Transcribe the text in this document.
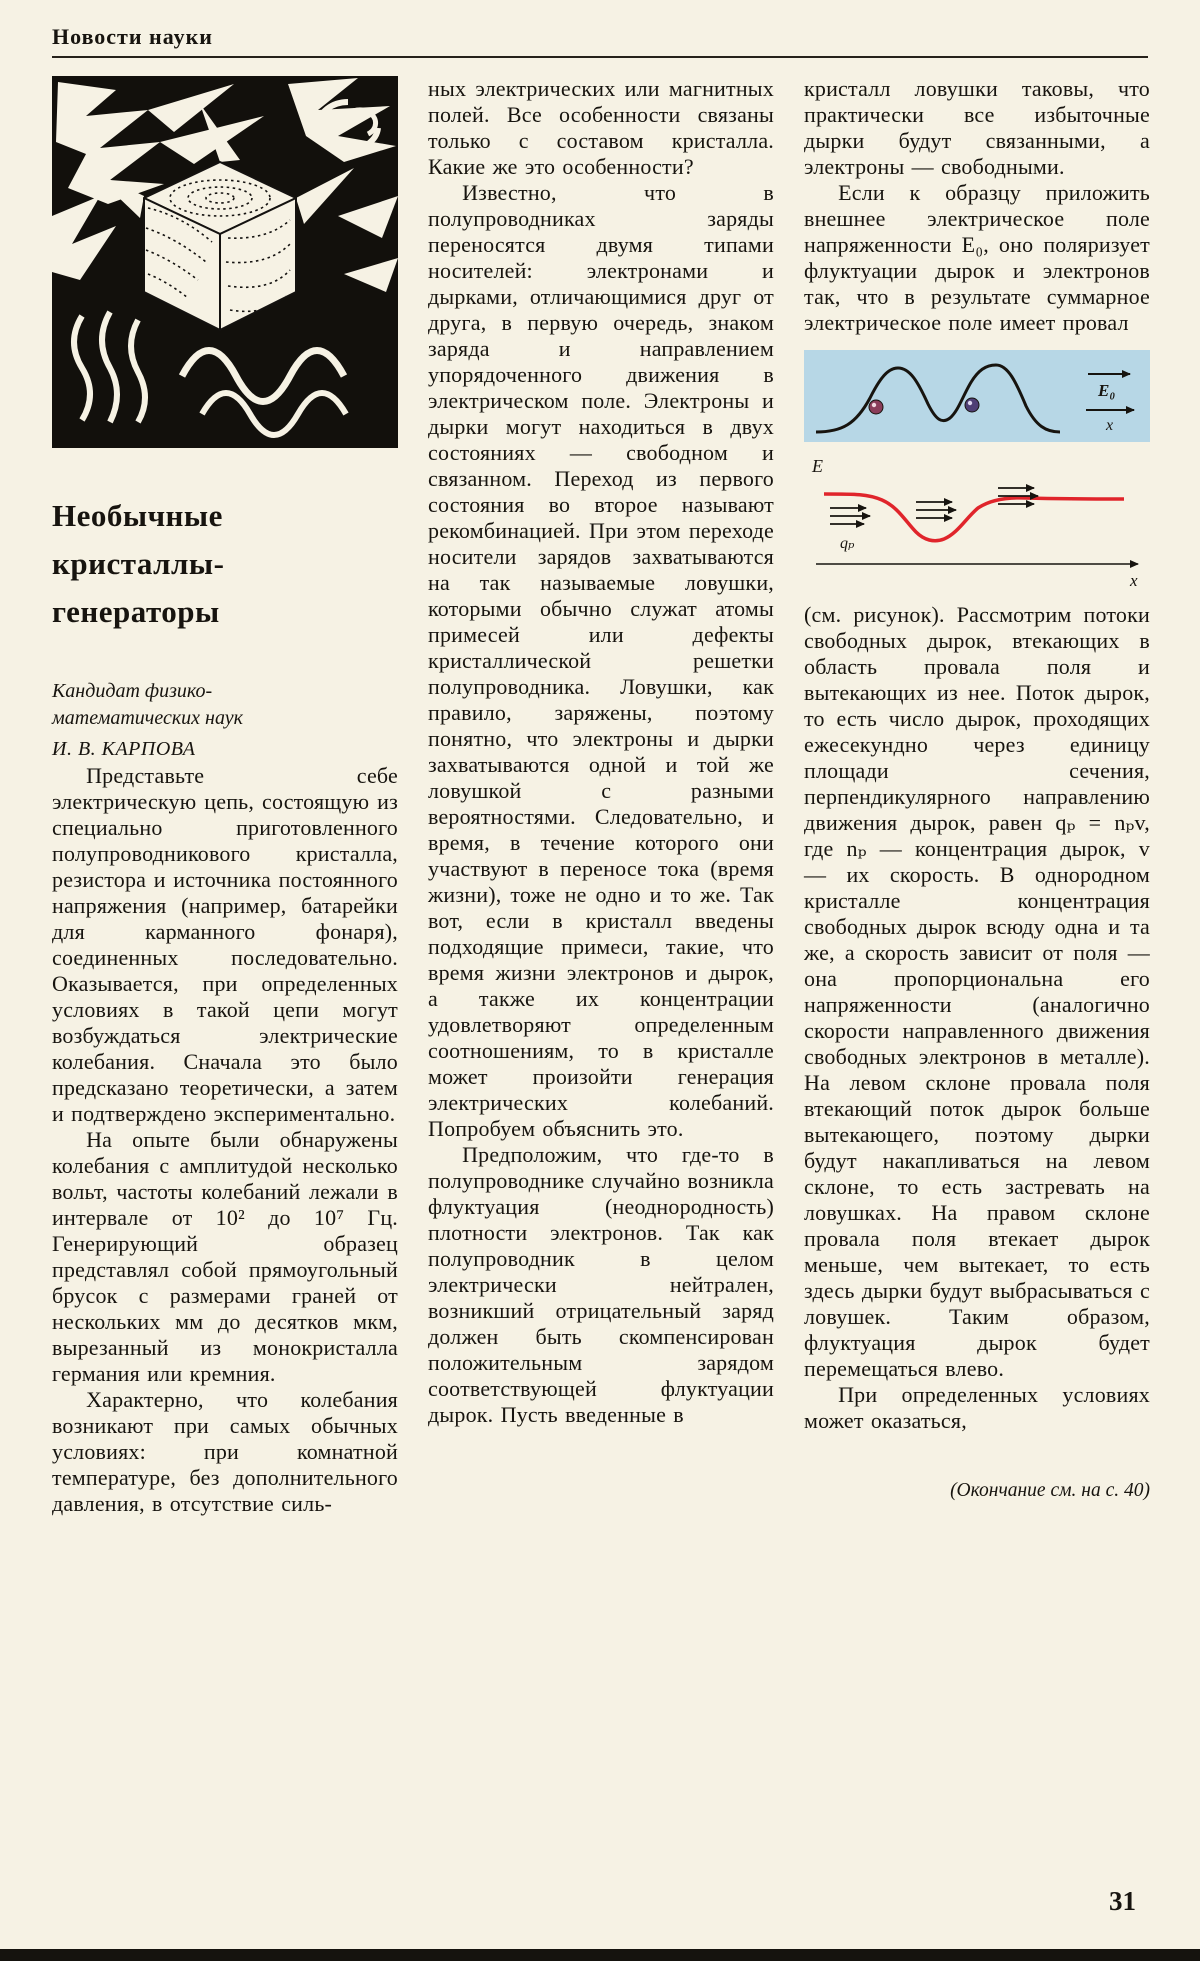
Новости науки
Необычные
кристаллы-
генераторы
Кандидат физико-
математических наук
И. В. КАРПОВА

Представьте себе электрическую цепь, состоящую из специально приготовленного полупроводникового кристалла, резистора и источника постоянного напряжения (например, батарейки для карманного фонаря), соединенных последовательно. Оказывается, при определенных условиях в такой цепи могут возбуждаться электрические колебания. Сначала это было предсказано теоретически, а затем и подтверждено экспериментально.

На опыте были обнаружены колебания с амплитудой несколько вольт, частоты колебаний лежали в интервале от 10² до 10⁷ Гц. Генерирующий образец представлял собой прямоугольный брусок с размерами граней от нескольких мм до десятков мкм, вырезанный из монокристалла германия или кремния.

Характерно, что колебания возникают при самых обычных условиях: при комнатной температуре, без дополнительного давления, в отсутствие силь-

ных электрических или магнитных полей. Все особенности связаны только с составом кристалла. Какие же это особенности?

Известно, что в полупроводниках заряды переносятся двумя типами носителей: электронами и дырками, отличающимися друг от друга, в первую очередь, знаком заряда и направлением упорядоченного движения в электрическом поле. Электроны и дырки могут находиться в двух состояниях — свободном и связанном. Переход из первого состояния во второе называют рекомбинацией. При этом переходе носители зарядов захватываются на так называемые ловушки, которыми обычно служат атомы примесей или дефекты кристаллической решетки полупроводника. Ловушки, как правило, заряжены, поэтому понятно, что электроны и дырки захватываются одной и той же ловушкой с разными вероятностями. Следовательно, и время, в течение которого они участвуют в переносе тока (время жизни), тоже не одно и то же. Так вот, если в кристалл введены подходящие примеси, такие, что время жизни электронов и дырок, а также их концентрации удовлетворяют определенным соотношениям, то в кристалле может произойти генерация электрических колебаний. Попробуем объяснить это.

Предположим, что где-то в полупроводнике случайно возникла флуктуация (неоднородность) плотности электронов. Так как полупроводник в целом электрически нейтрален, возникший отрицательный заряд должен быть скомпенсирован положительным зарядом соответствующей флуктуации дырок. Пусть введенные в

кристалл ловушки таковы, что практически все избыточные дырки будут связанными, а электроны — свободными.

Если к образцу приложить внешнее электрическое поле напряженности E₀, оно поляризует флуктуации дырок и электронов так, что в результате суммарное электрическое поле имеет провал

E₀
x
E
qₚ
x

(см. рисунок). Рассмотрим потоки свободных дырок, втекающих в область провала поля и вытекающих из нее. Поток дырок, то есть число дырок, проходящих ежесекундно через единицу площади сечения, перпендикулярного направлению движения дырок, равен qₚ = nₚv, где nₚ — концентрация дырок, v — их скорость. В однородном кристалле концентрация свободных дырок всюду одна и та же, а скорость зависит от поля — она пропорциональна его напряженности (аналогично скорости направленного движения свободных электронов в металле). На левом склоне провала поля втекающий поток дырок больше вытекающего, поэтому дырки будут накапливаться на левом склоне, то есть застревать на ловушках. На правом склоне провала поля втекает дырок меньше, чем вытекает, то есть здесь дырки будут выбрасываться с ловушек. Таким образом, флуктуация дырок будет перемещаться влево.

При определенных условиях может оказаться,

(Окончание см. на с. 40)
31
